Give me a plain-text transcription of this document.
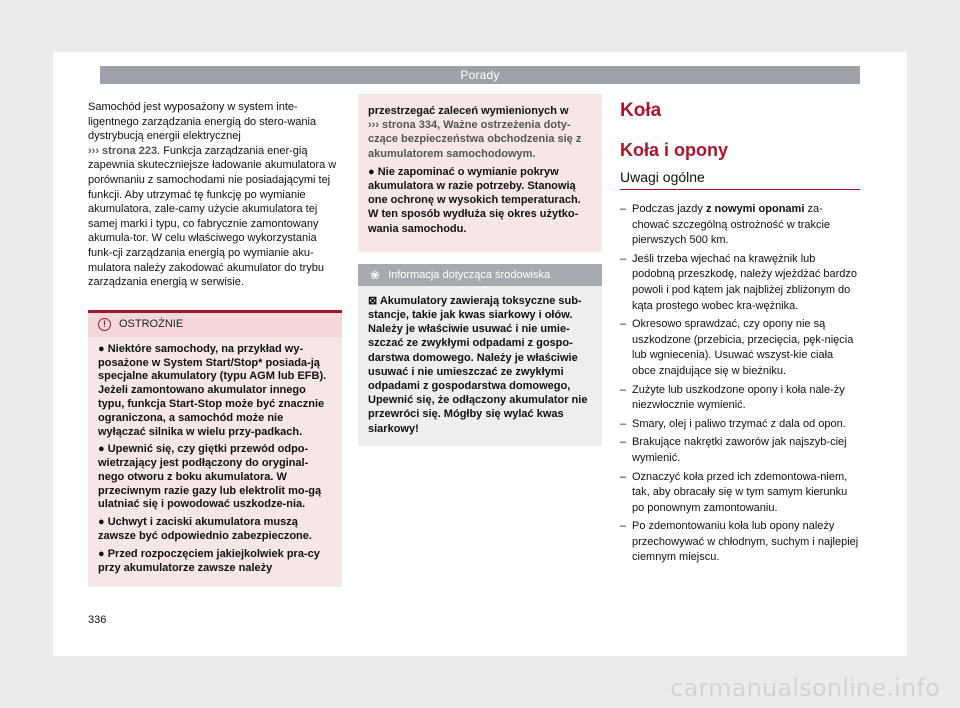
Porady

Samochód jest wyposażony w system inte-ligentnego zarządzania energią do stero-wania dystrybucją energii elektrycznej
››› strona 223. Funkcja zarządzania ener-gią zapewnia skuteczniejsze ładowanie akumulatora w porównaniu z samochodami nie posiadającymi tej funkcji. Aby utrzymać tę funkcję po wymianie akumulatora, zale-camy użycie akumulatora tej samej marki i typu, co fabrycznie zamontowany akumula-tor. W celu właściwego wykorzystania funk-cji zarządzania energią po wymianie aku-mulatora należy zakodować akumulator do trybu zarządzania energią w serwisie.

!	OSTROŻNIE

● Niektóre samochody, na przykład wy-posażone w System Start/Stop* posiada-ją specjalne akumulatory (typu AGM lub EFB). Jeżeli zamontowano akumulator innego typu, funkcja Start-Stop może być znacznie ograniczona, a samochód może nie wyłączać silnika w wielu przy-padkach.

● Upewnić się, czy giętki przewód odpo-wietrzający jest podłączony do oryginal-nego otworu z boku akumulatora. W przeciwnym razie gazy lub elektrolit mo-gą ulatniać się i powodować uszkodze-nia.

● Uchwyt i zaciski akumulatora muszą zawsze być odpowiednio zabezpieczone.

● Przed rozpoczęciem jakiejkolwiek pra-cy przy akumulatorze zawsze należy

przestrzegać zaleceń wymienionych w
››› strona 334, Ważne ostrzeżenia doty-czące bezpieczeństwa obchodzenia się z akumulatorem samochodowym.

● Nie zapominać o wymianie pokryw akumulatora w razie potrzeby. Stanowią one ochronę w wysokich temperaturach. W ten sposób wydłuża się okres użytko-wania samochodu.

❀ Informacja dotycząca środowiska
⊠ Akumulatory zawierają toksyczne sub-stancje, takie jak kwas siarkowy i ołów. Należy je właściwie usuwać i nie umie-szczać ze zwykłymi odpadami z gospo-darstwa domowego. Należy je właściwie usuwać i nie umieszczać ze zwykłymi odpadami z gospodarstwa domowego, Upewnić się, że odłączony akumulator nie przewróci się. Mógłby się wylać kwas siarkowy!
Koła
Koła i opony
Uwagi ogólne
– Podczas jazdy z nowymi oponami za-chować szczególną ostrożność w trakcie pierwszych 500 km.
– Jeśli trzeba wjechać na krawężnik lub podobną przeszkodę, należy wjeżdżać bardzo powoli i pod kątem jak najbliżej zbliżonym do kąta prostego wobec kra-wężnika.
– Okresowo sprawdzać, czy opony nie są uszkodzone (przebicia, przecięcia, pęk-nięcia lub wgniecenia). Usuwać wszyst-kie ciała obce znajdujące się w bieżniku.
– Zużyte lub uszkodzone opony i koła nale-ży niezwłocznie wymienić.
– Smary, olej i paliwo trzymać z dala od opon.
– Brakujące nakrętki zaworów jak najszyb-ciej wymienić.
– Oznaczyć koła przed ich zdemontowa-niem, tak, aby obracały się w tym samym kierunku po ponownym zamontowaniu.
– Po zdemontowaniu koła lub opony należy przechowywać w chłodnym, suchym i najlepiej ciemnym miejscu.
336
carmanualsonline.info
